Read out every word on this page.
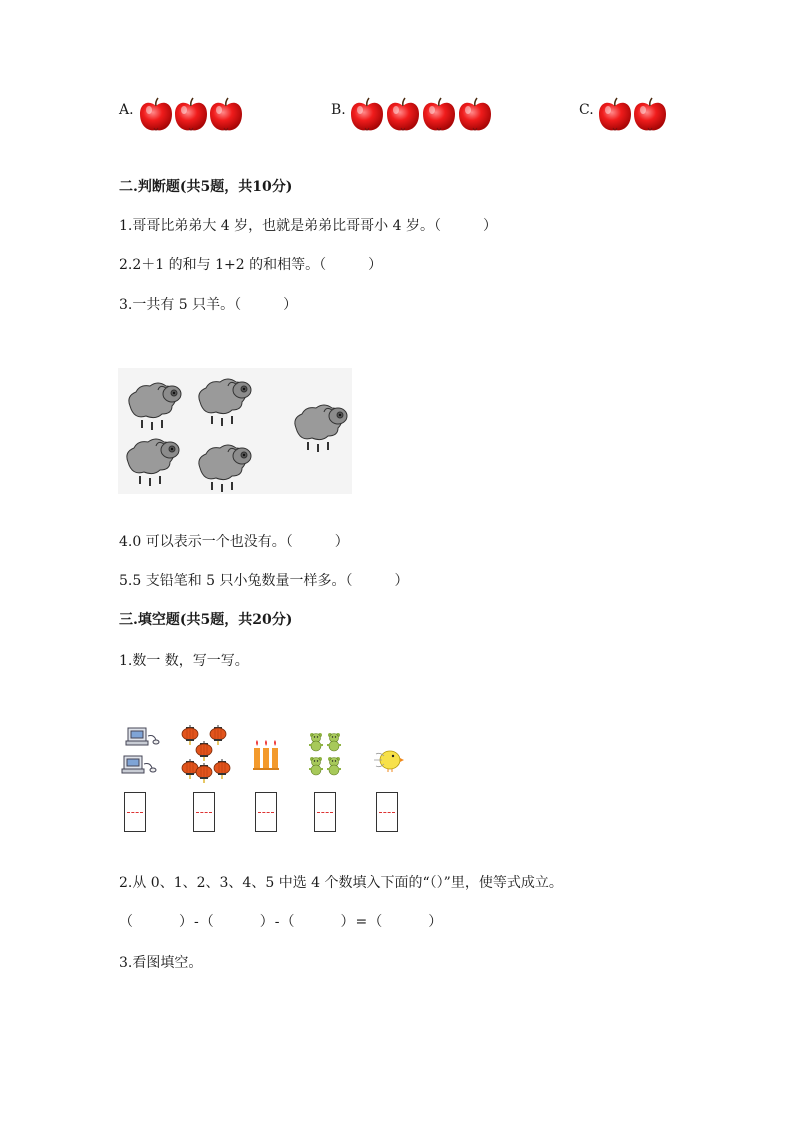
A.	B.	C.
二.判断题(共5题，共10分)
1.哥哥比弟弟大 4 岁，也就是弟弟比哥哥小 4 岁。（　　　）
2.2＋1 的和与 1+2 的和相等。（　　　）
3.一共有 5 只羊。（　　　）
4.0 可以表示一个也没有。（　　　）
5.5 支铅笔和 5 只小兔数量一样多。（　　　）
三.填空题(共5题，共20分)
1.数一 数，写一写。
2.从 0、1、2、3、4、5 中选 4 个数填入下面的“（）”里，使等式成立。
（　　　）-（　　　）-（　　　）=（　　　）
3.看图填空。
